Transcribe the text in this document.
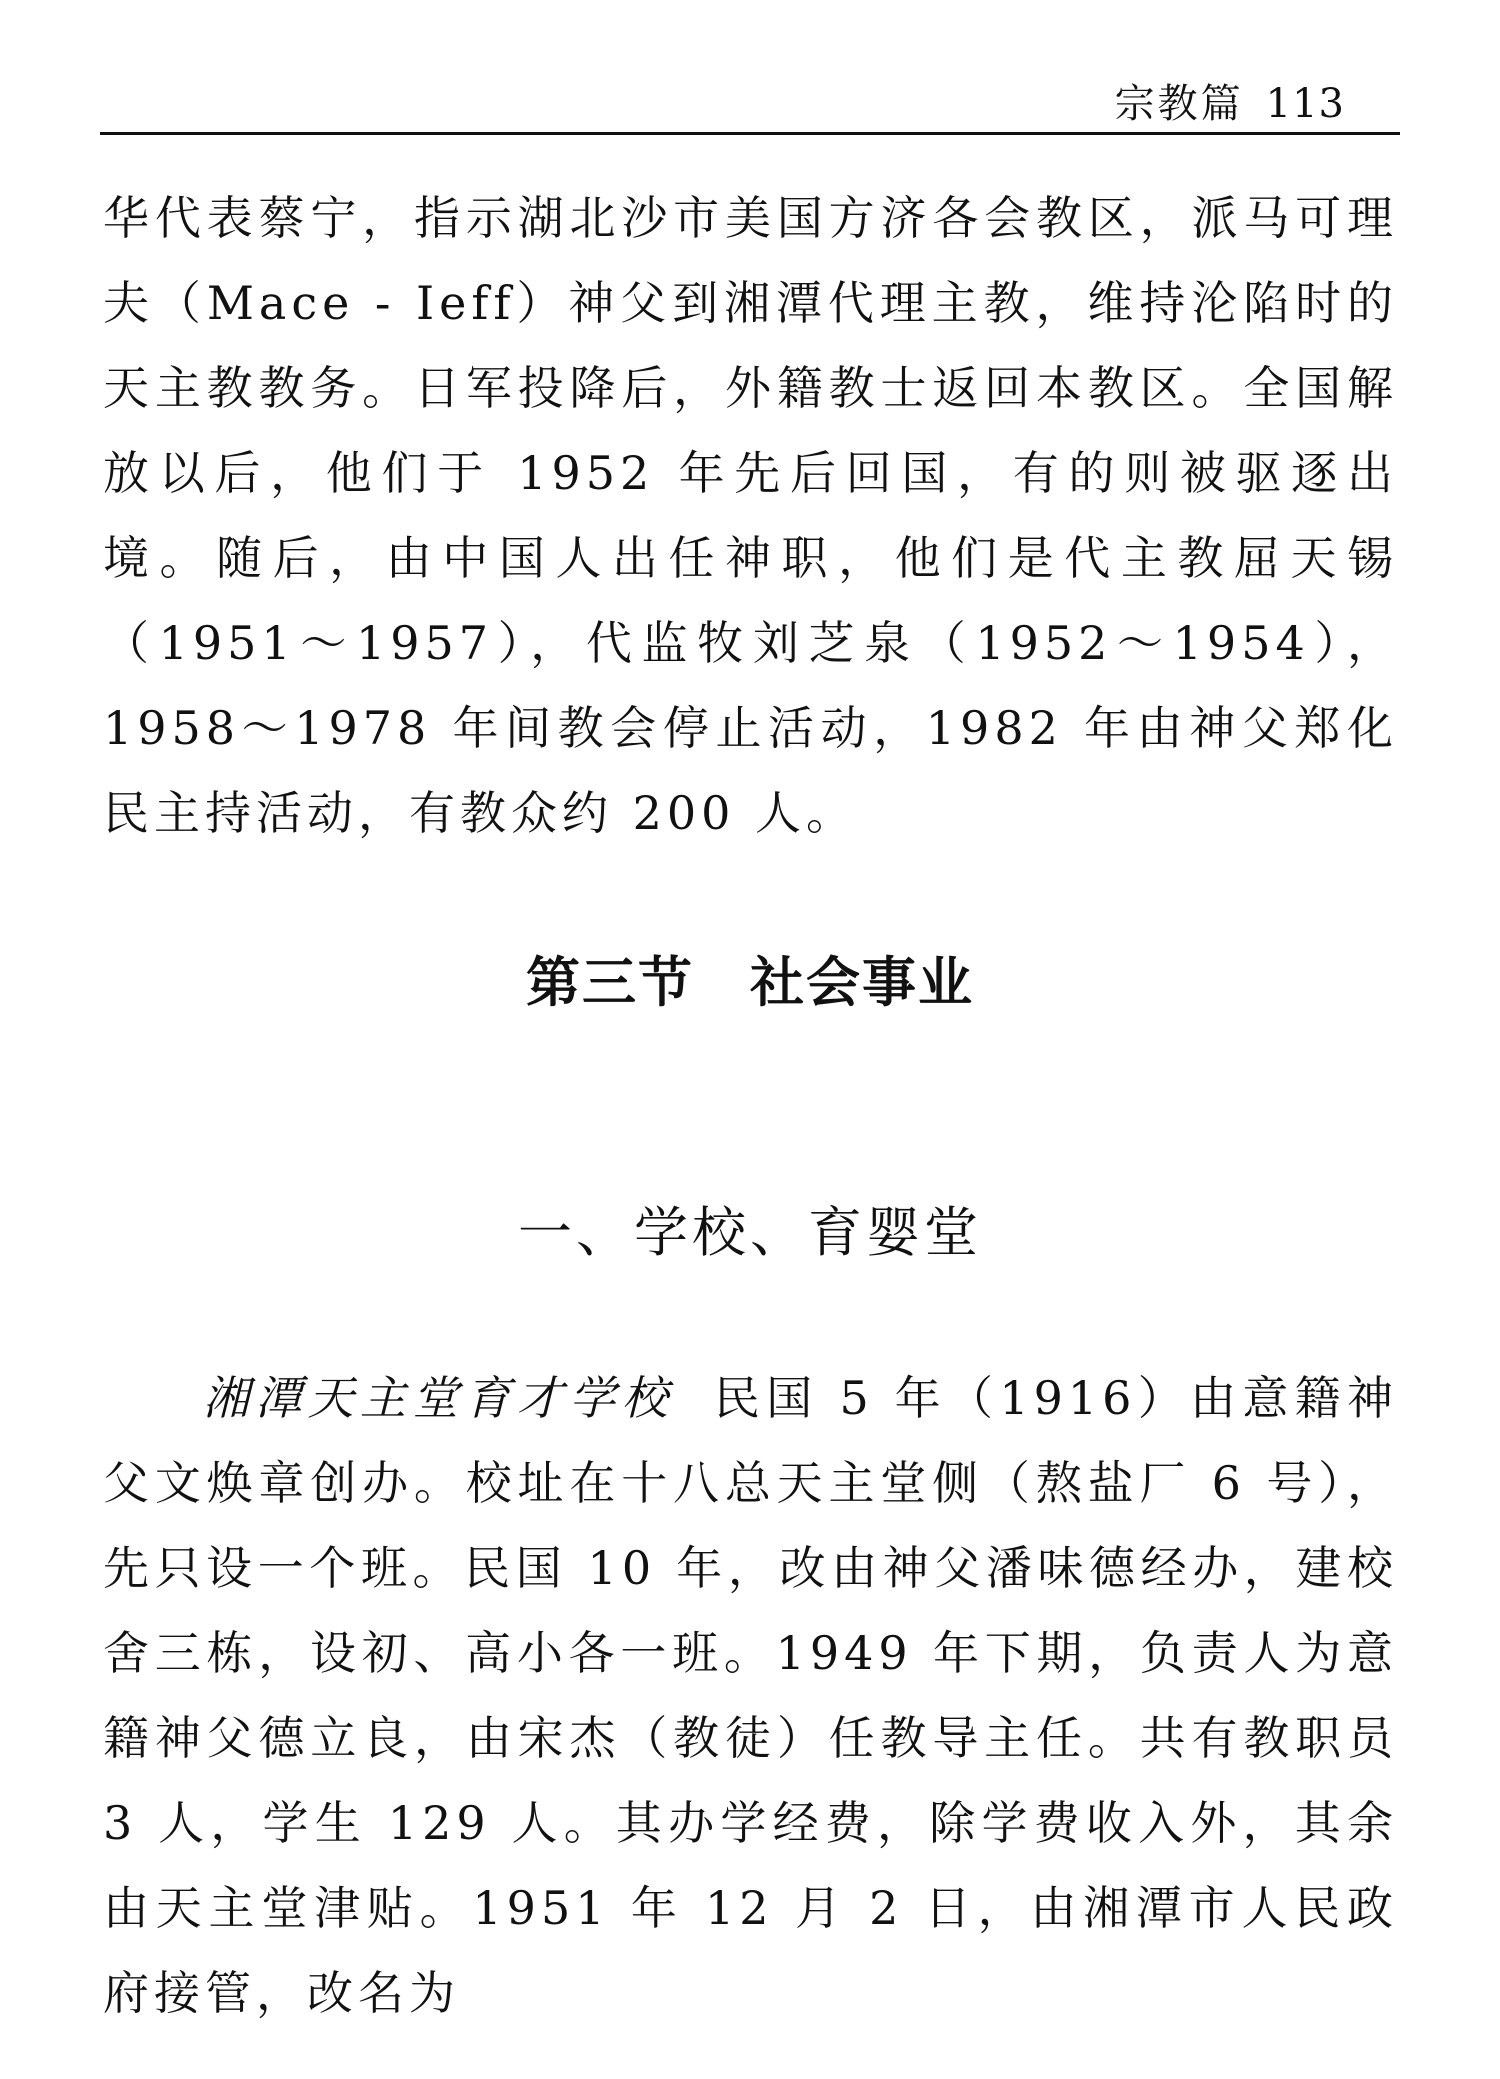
宗教篇 113

华代表蔡宁，指示湖北沙市美国方济各会教区，派马可理夫（Mace - Ieff）神父到湘潭代理主教，维持沦陷时的天主教教务。日军投降后，外籍教士返回本教区。全国解放以后，他们于 1952 年先后回国，有的则被驱逐出境。随后，由中国人出任神职，他们是代主教屈天锡（1951～1957），代监牧刘芝泉（1952～1954），1958～1978 年间教会停止活动，1982 年由神父郑化民主持活动，有教众约 200 人。

第三节　社会事业
一、学校、育婴堂

湘潭天主堂育才学校 民国 5 年（1916）由意籍神父文焕章创办。校址在十八总天主堂侧（熬盐厂 6 号），先只设一个班。民国 10 年，改由神父潘味德经办，建校舍三栋，设初、高小各一班。1949 年下期，负责人为意籍神父德立良，由宋杰（教徒）任教导主任。共有教职员 3 人，学生 129 人。其办学经费，除学费收入外，其余由天主堂津贴。1951 年 12 月 2 日，由湘潭市人民政府接管，改名为
